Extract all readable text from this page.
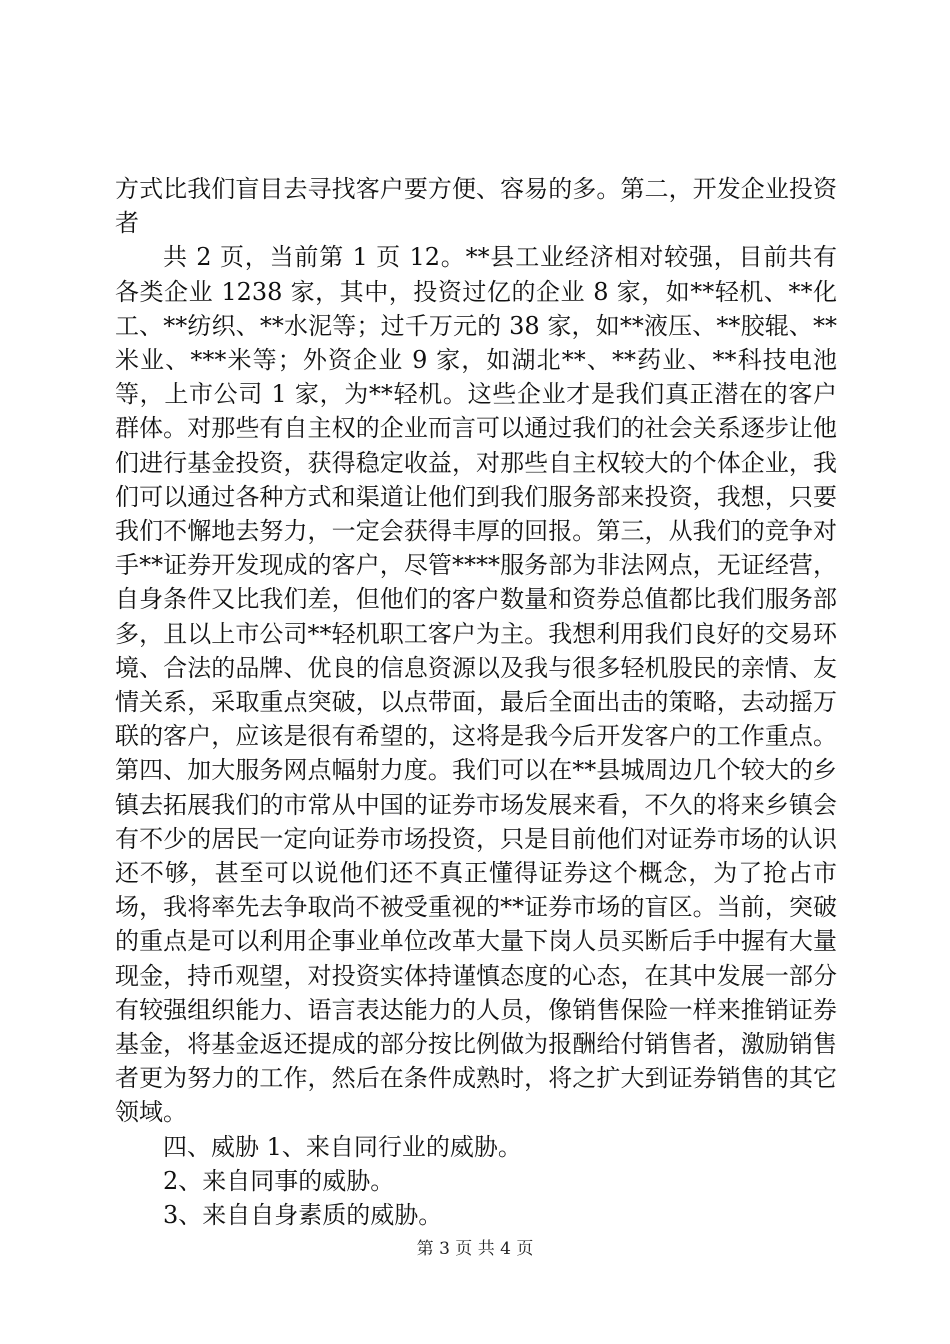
方式比我们盲目去寻找客户要方便、容易的多。第二，开发企业投资者

共 2 页，当前第 1 页 12。**县工业经济相对较强，目前共有各类企业 1238 家，其中，投资过亿的企业 8 家，如**轻机、**化工、**纺织、**水泥等；过千万元的 38 家，如**液压、**胶辊、**米业、***米等；外资企业 9 家，如湖北**、**药业、**科技电池等，上市公司 1 家，为**轻机。这些企业才是我们真正潜在的客户群体。对那些有自主权的企业而言可以通过我们的社会关系逐步让他们进行基金投资，获得稳定收益，对那些自主权较大的个体企业，我们可以通过各种方式和渠道让他们到我们服务部来投资，我想，只要我们不懈地去努力，一定会获得丰厚的回报。第三，从我们的竞争对手**证券开发现成的客户，尽管****服务部为非法网点，无证经营，自身条件又比我们差，但他们的客户数量和资券总值都比我们服务部多，且以上市公司**轻机职工客户为主。我想利用我们良好的交易环境、合法的品牌、优良的信息资源以及我与很多轻机股民的亲情、友情关系，采取重点突破，以点带面，最后全面出击的策略，去动摇万联的客户，应该是很有希望的，这将是我今后开发客户的工作重点。第四、加大服务网点幅射力度。我们可以在**县城周边几个较大的乡镇去拓展我们的市常从中国的证券市场发展来看，不久的将来乡镇会有不少的居民一定向证券市场投资，只是目前他们对证券市场的认识还不够，甚至可以说他们还不真正懂得证券这个概念，为了抢占市场，我将率先去争取尚不被受重视的**证券市场的盲区。当前，突破的重点是可以利用企事业单位改革大量下岗人员买断后手中握有大量现金，持币观望，对投资实体持谨慎态度的心态，在其中发展一部分有较强组织能力、语言表达能力的人员，像销售保险一样来推销证券基金，将基金返还提成的部分按比例做为报酬给付销售者，激励销售者更为努力的工作，然后在条件成熟时，将之扩大到证券销售的其它领域。

四、威胁 1、来自同行业的威胁。

2、来自同事的威胁。

3、来自自身素质的威胁。

第 3 页 共 4 页
